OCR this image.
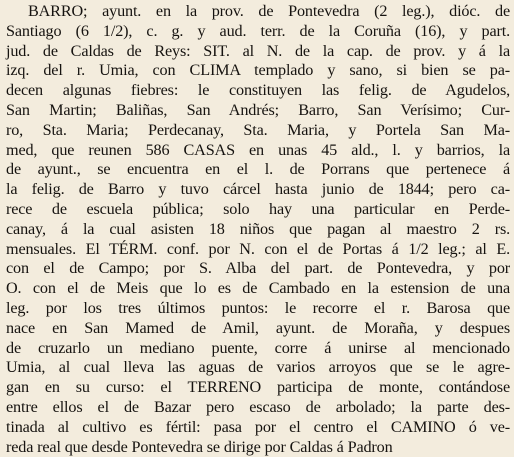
BARRO; ayunt. en la prov. de Pontevedra (2 leg.), dióc. de
Santiago (6 1/2), c. g. y aud. terr. de la Coruña (16), y part.
jud. de Caldas de Reys: SIT. al N. de la cap. de prov. y á la
izq. del r. Umia, con CLIMA templado y sano, si bien se pa-
decen algunas fiebres: le constituyen las felig. de Agudelos,
San Martin; Baliñas, San Andrés; Barro, San Verísimo; Cur-
ro, Sta. Maria; Perdecanay, Sta. Maria, y Portela San Ma-
med, que reunen 586 CASAS en unas 45 ald., l. y barrios, la
de ayunt., se encuentra en el l. de Porrans que pertenece á
la felig. de Barro y tuvo cárcel hasta junio de 1844; pero ca-
rece de escuela pública; solo hay una particular en Perde-
canay, á la cual asisten 18 niños que pagan al maestro 2 rs.
mensuales. El TÉRM. conf. por N. con el de Portas á 1/2 leg.; al E.
con el de Campo; por S. Alba del part. de Pontevedra, y por
O. con el de Meis que lo es de Cambado en la estension de una
leg. por los tres últimos puntos: le recorre el r. Barosa que
nace en San Mamed de Amil, ayunt. de Moraña, y despues
de cruzarlo un mediano puente, corre á unirse al mencionado
Umia, al cual lleva las aguas de varios arroyos que se le agre-
gan en su curso: el TERRENO participa de monte, contándose
entre ellos el de Bazar pero escaso de arbolado; la parte des-
tinada al cultivo es fértil: pasa por el centro el CAMINO ó ve-
reda real que desde Pontevedra se dirige por Caldas á Padron
